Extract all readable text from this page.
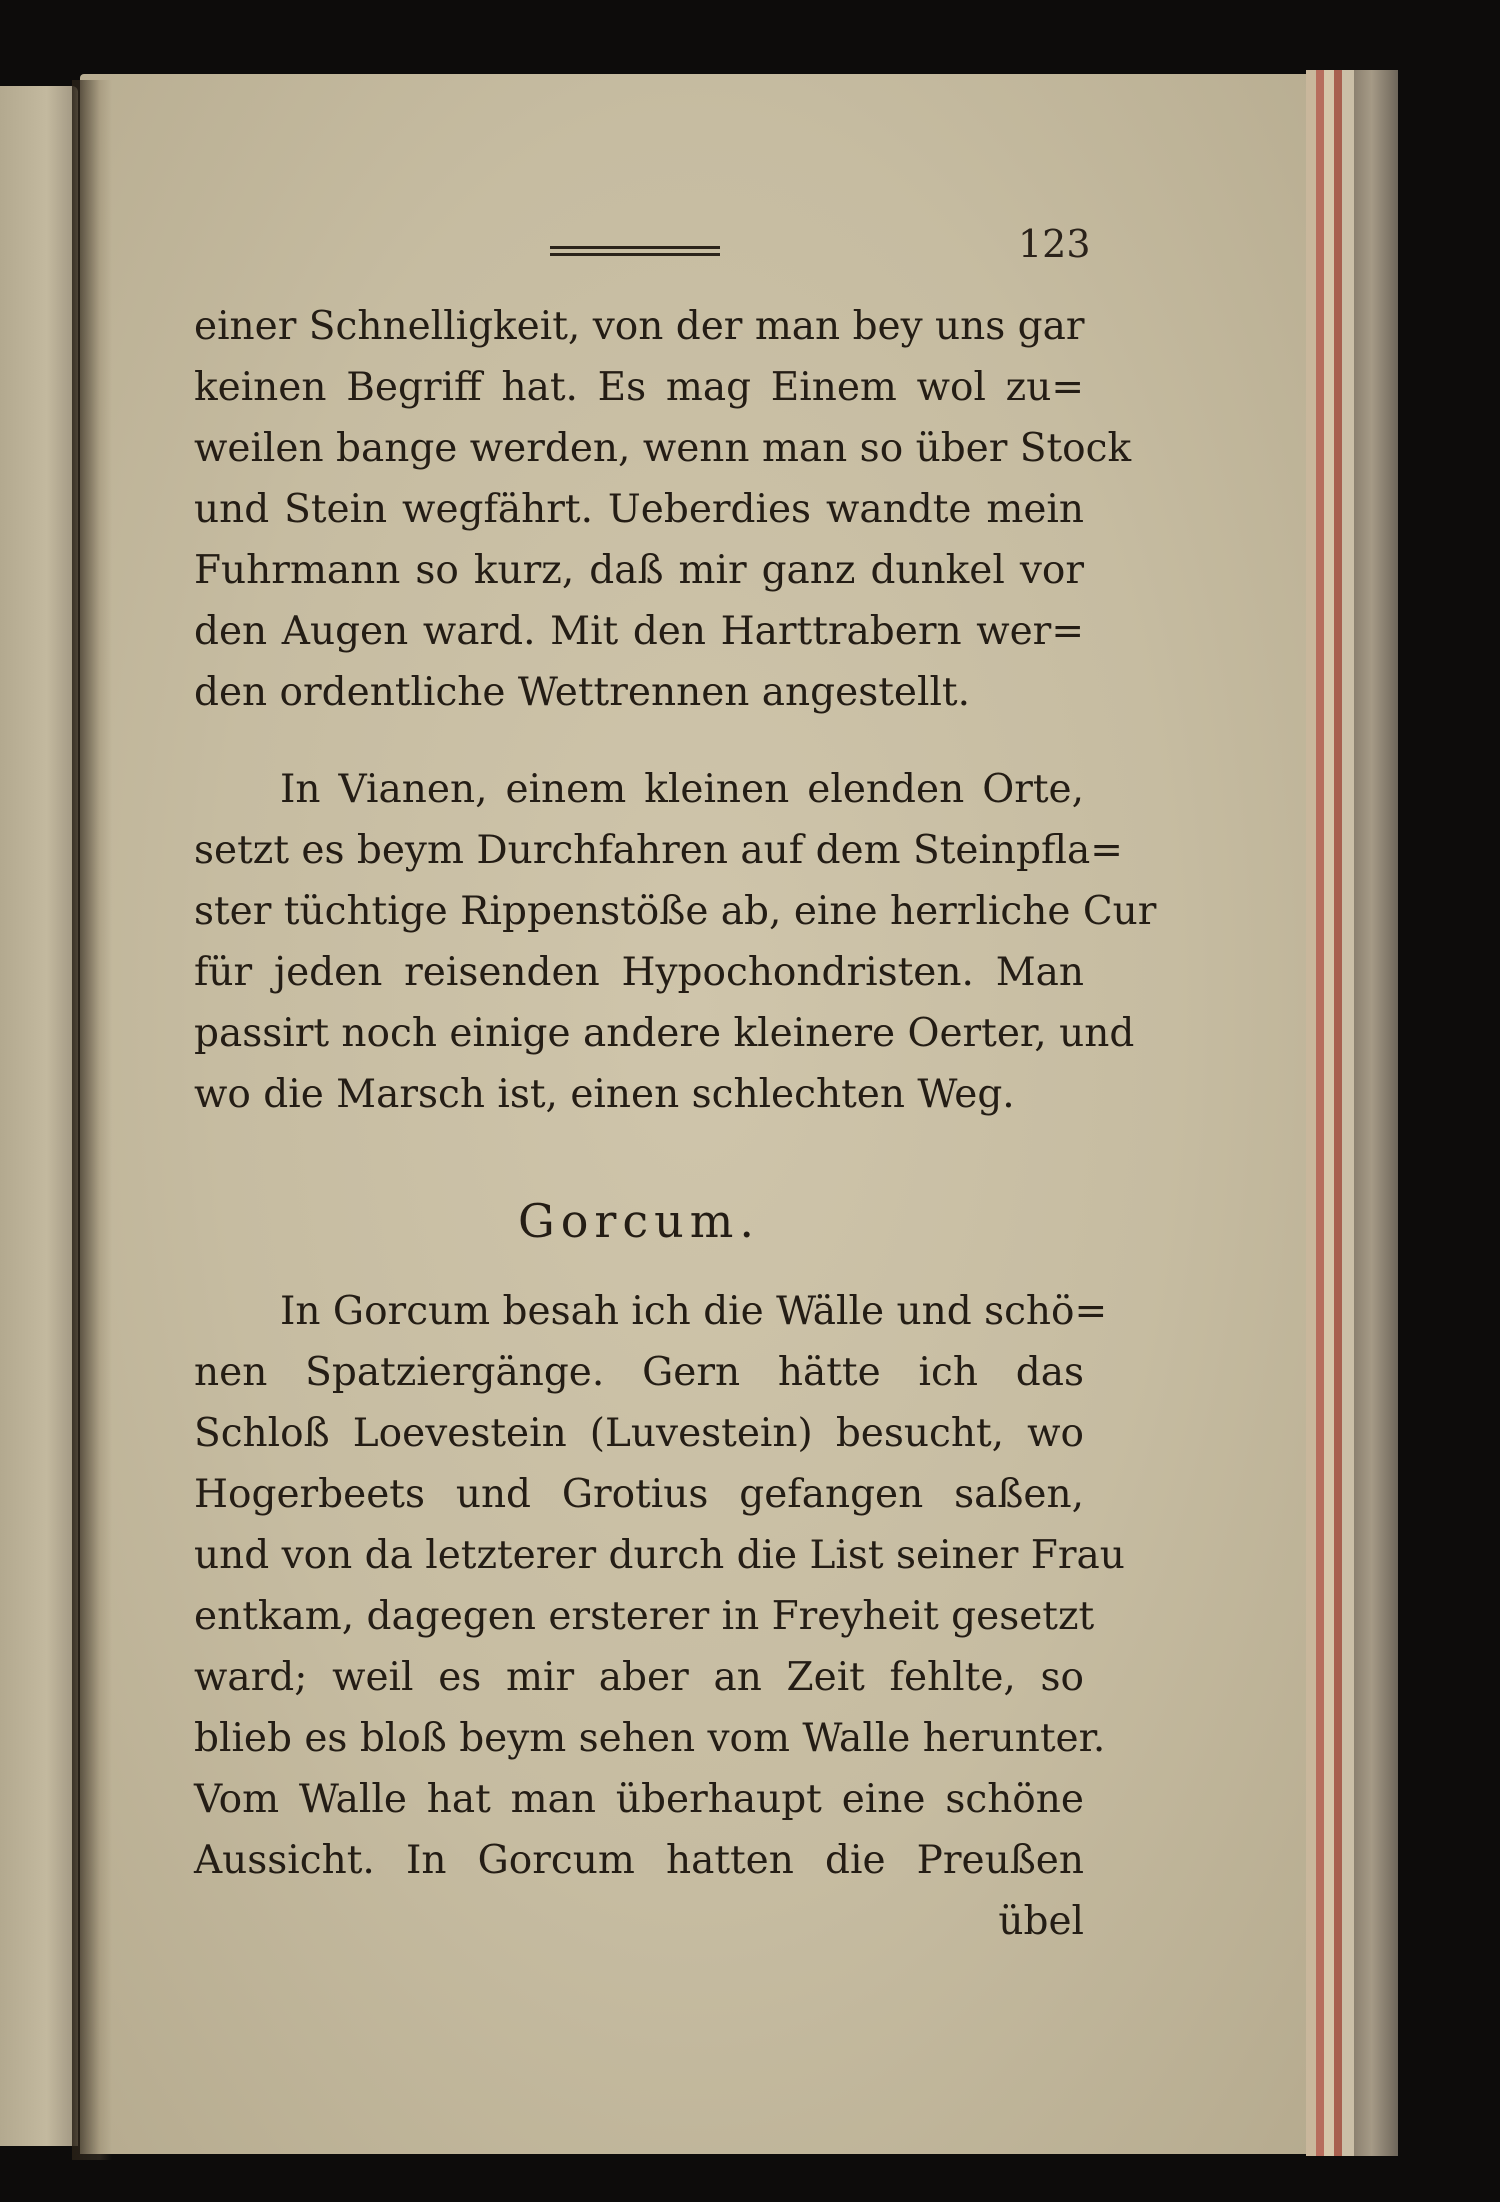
123
einer Schnelligkeit, von der man bey uns gar
keinen Begriff hat. Es mag Einem wol zu=
weilen bange werden, wenn man so über Stock
und Stein wegfährt. Ueberdies wandte mein
Fuhrmann so kurz, daß mir ganz dunkel vor
den Augen ward. Mit den Harttrabern wer=
den ordentliche Wettrennen angestellt.
In Vianen, einem kleinen elenden Orte,
setzt es beym Durchfahren auf dem Steinpfla=
ster tüchtige Rippenstöße ab, eine herrliche Cur
für jeden reisenden Hypochondristen. Man
passirt noch einige andere kleinere Oerter, und
wo die Marsch ist, einen schlechten Weg.
Gorcum.
In Gorcum besah ich die Wälle und schö=
nen Spatziergänge. Gern hätte ich das
Schloß Loevestein (Luvestein) besucht, wo
Hogerbeets und Grotius gefangen saßen,
und von da letzterer durch die List seiner Frau
entkam, dagegen ersterer in Freyheit gesetzt
ward; weil es mir aber an Zeit fehlte, so
blieb es bloß beym sehen vom Walle herunter.
Vom Walle hat man überhaupt eine schöne
Aussicht. In Gorcum hatten die Preußen
übel
